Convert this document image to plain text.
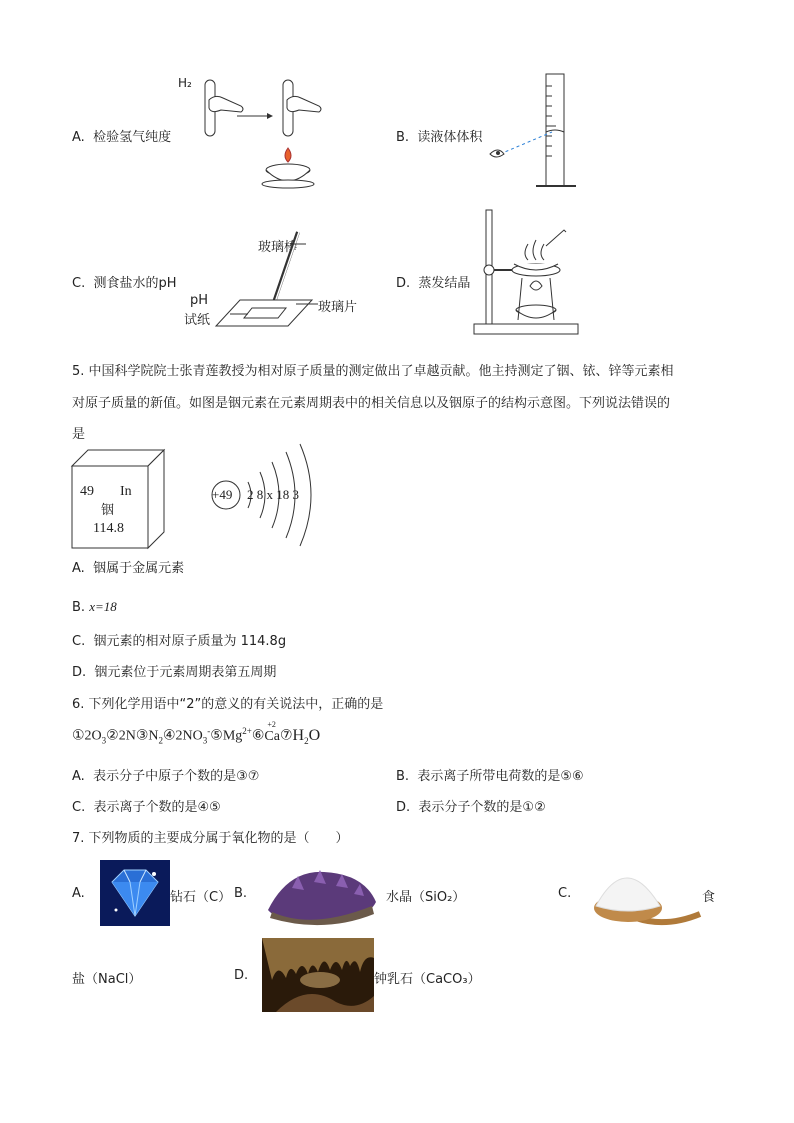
A. 检验氢气纯度
H₂
B. 读液体体积
C. 测食盐水的pH
玻璃棒
pH
试纸
玻璃片
D. 蒸发结晶
5. 中国科学院院士张青莲教授为相对原子质量的测定做出了卓越贡献。他主持测定了铟、铱、锌等元素相
对原子质量的新值。如图是铟元素在元素周期表中的相关信息以及铟原子的结构示意图。下列说法错误的
是
49 In
铟
114.8
+49 2 8 x 18 3
A. 铟属于金属元素
B. x=18
C. 铟元素的相对原子质量为 114.8g
D. 铟元素位于元素周期表第五周期
6. 下列化学用语中“2”的意义的有关说法中，正确的是
$①2O_3②2N③N_2④2NO_3^-⑤Mg^{2+}⑥$
+2
$Ca⑦H_2O$
A. 表示分子中原子个数的是③⑦	B. 表示离子所带电荷数的是⑤⑥
C. 表示离子个数的是④⑤	D. 表示分子个数的是①②
7. 下列物质的主要成分属于氧化物的是（　　）
A.	钻石（C） B.	水晶（SiO₂）	C.	食
盐（NaCl）	D.	钟乳石（CaCO₃）
